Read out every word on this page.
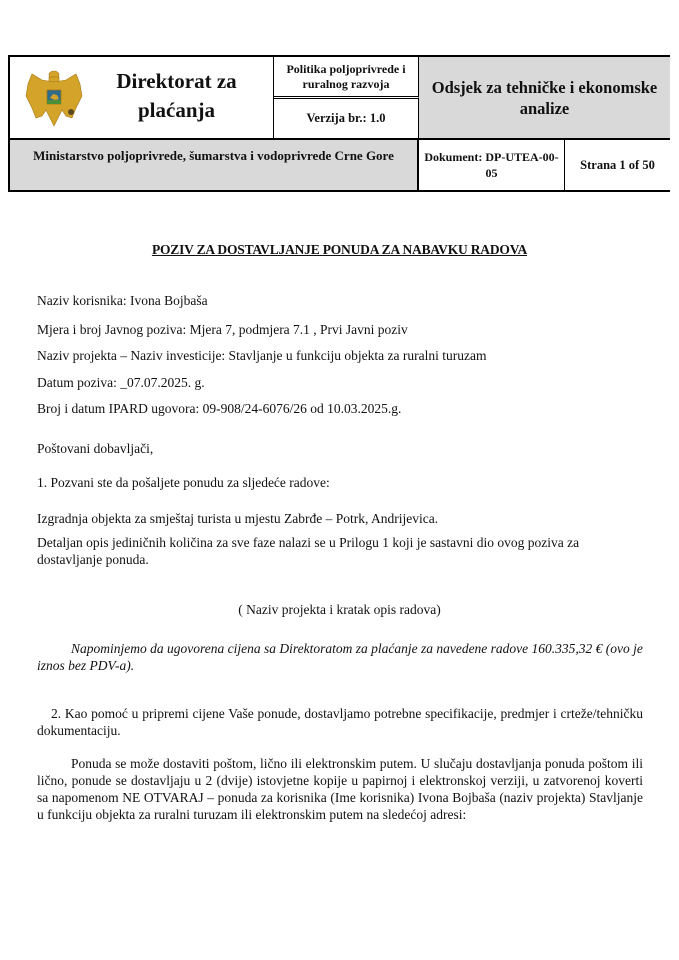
Direktorat za
plaćanja
Politika poljoprivrede i ruralnog razvoja
Verzija br.: 1.0
Odsjek za tehničke i ekonomske analize
Ministarstvo poljoprivrede, šumarstva i vodoprivrede Crne Gore	Dokument: DP-UTEA-00-05
Strana 1 of 50
POZIV ZA DOSTAVLJANJE PONUDA ZA NABAVKU RADOVA

Naziv korisnika: Ivona Bojbaša

Mjera i broj Javnog poziva: Mjera 7, podmjera 7.1 , Prvi Javni poziv

Naziv projekta – Naziv investicije: Stavljanje u funkciju objekta za ruralni turuzam

Datum poziva: _07.07.2025. g.

Broj i datum IPARD ugovora: 09-908/24-6076/26 od 10.03.2025.g.

Poštovani dobavljači,

1. Pozvani ste da pošaljete ponudu za sljedeće radove:

Izgradnja objekta za smještaj turista u mjestu Zabrđe – Potrk, Andrijevica.

Detaljan opis jediničnih količina za sve faze nalazi se u Prilogu 1 koji je sastavni dio ovog poziva za dostavljanje ponuda.

( Naziv projekta i kratak opis radova)

Napominjemo da ugovorena cijena sa Direktoratom za plaćanje za navedene radove 160.335,32 € (ovo je iznos bez PDV-a).

2. Kao pomoć u pripremi cijene Vaše ponude, dostavljamo potrebne specifikacije, predmjer i crteže/tehničku dokumentaciju.

Ponuda se može dostaviti poštom, lično ili elektronskim putem. U slučaju dostavljanja ponuda poštom ili lično, ponude se dostavljaju u 2 (dvije) istovjetne kopije u papirnoj i elektronskoj verziji, u zatvorenoj koverti sa napomenom NE OTVARAJ – ponuda za korisnika (Ime korisnika) Ivona Bojbaša (naziv projekta) Stavljanje u funkciju objekta za ruralni turuzam ili elektronskim putem na sledećoj adresi:
